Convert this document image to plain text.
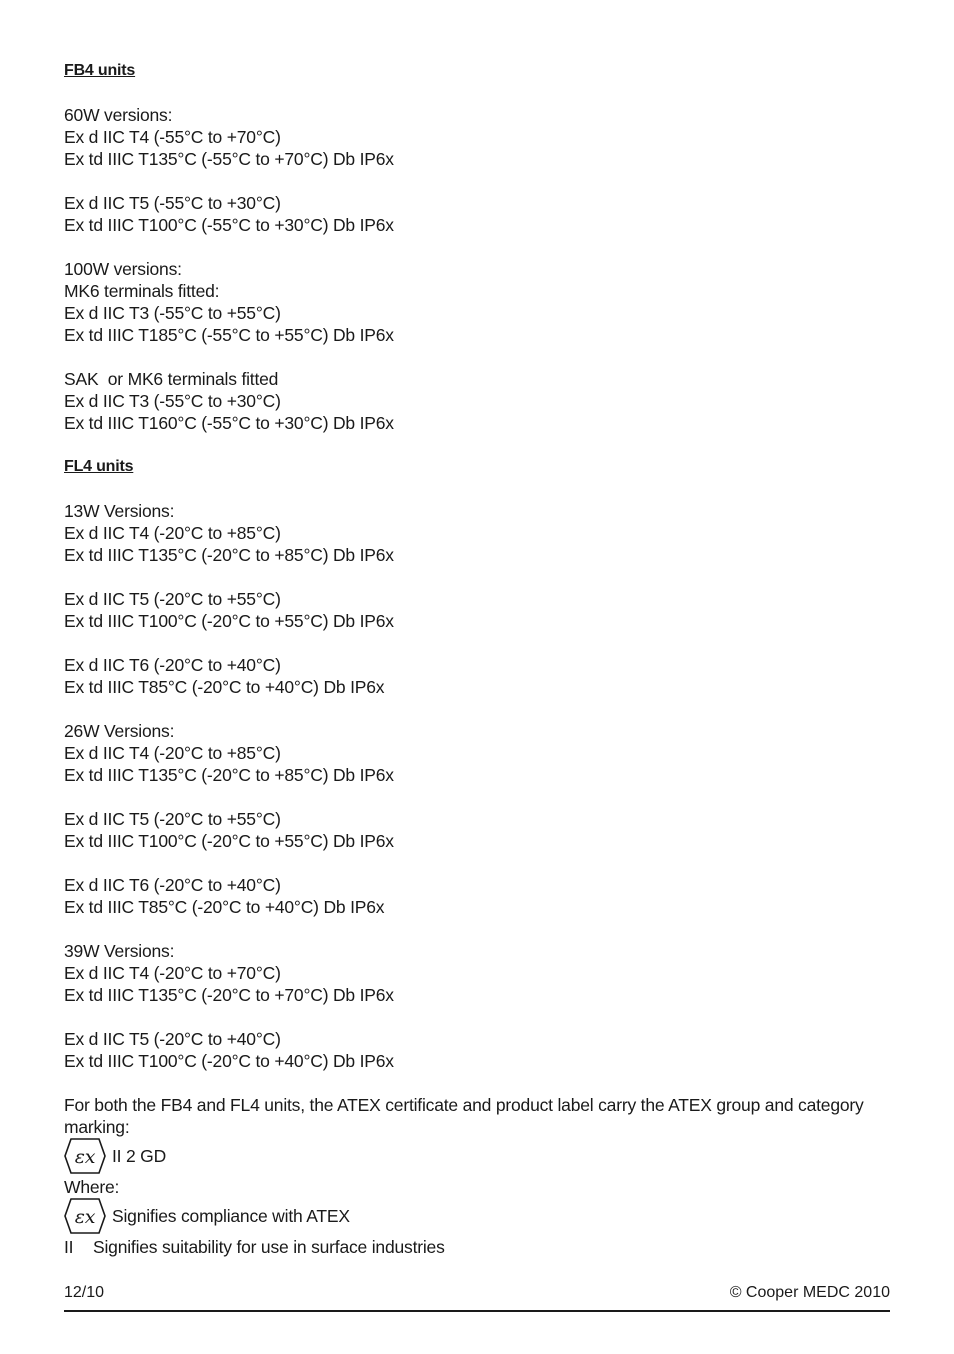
FB4 units
60W versions:
Ex d IIC T4 (-55°C to +70°C)
Ex td IIIC T135°C (-55°C to +70°C) Db IP6x
Ex d IIC T5 (-55°C to +30°C)
Ex td IIIC T100°C (-55°C to +30°C) Db IP6x
100W versions:
MK6 terminals fitted:
Ex d IIC T3 (-55°C to +55°C)
Ex td IIIC T185°C (-55°C to +55°C) Db IP6x
SAK  or MK6 terminals fitted
Ex d IIC T3 (-55°C to +30°C)
Ex td IIIC T160°C (-55°C to +30°C) Db IP6x
FL4 units
13W Versions:
Ex d IIC T4 (-20°C to +85°C)
Ex td IIIC T135°C (-20°C to +85°C) Db IP6x
Ex d IIC T5 (-20°C to +55°C)
Ex td IIIC T100°C (-20°C to +55°C) Db IP6x
Ex d IIC T6 (-20°C to +40°C)
Ex td IIIC T85°C (-20°C to +40°C) Db IP6x
26W Versions:
Ex d IIC T4 (-20°C to +85°C)
Ex td IIIC T135°C (-20°C to +85°C) Db IP6x
Ex d IIC T5 (-20°C to +55°C)
Ex td IIIC T100°C (-20°C to +55°C) Db IP6x
Ex d IIC T6 (-20°C to +40°C)
Ex td IIIC T85°C (-20°C to +40°C) Db IP6x
39W Versions:
Ex d IIC T4 (-20°C to +70°C)
Ex td IIIC T135°C (-20°C to +70°C) Db IP6x
Ex d IIC T5 (-20°C to +40°C)
Ex td IIIC T100°C (-20°C to +40°C) Db IP6x
For both the FB4 and FL4 units, the ATEX certificate and product label carry the ATEX group and category marking:
εx II 2 GD
Where:
εx Signifies compliance with ATEX
II	Signifies suitability for use in surface industries
12/10	© Cooper MEDC 2010
